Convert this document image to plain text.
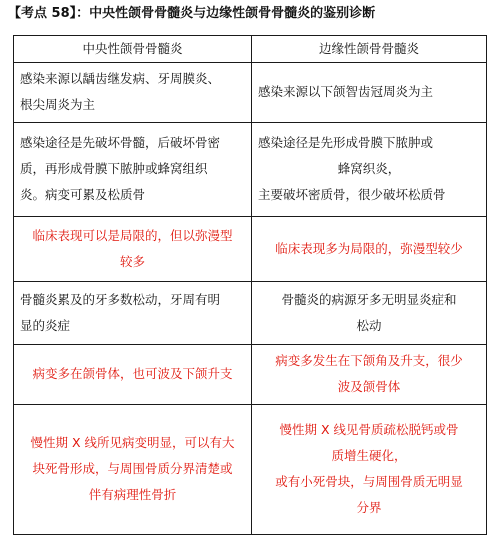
【考点 58】：中央性颌骨骨髓炎与边缘性颌骨骨髓炎的鉴别诊断
中央性颌骨骨髓炎	边缘性颌骨骨髓炎

感染来源以龋齿继发病、牙周膜炎、
根尖周炎为主	感染来源以下颌智齿冠周炎为主

感染途径是先破坏骨髓，后破坏骨密
质，再形成骨膜下脓肿或蜂窝组织
炎。病变可累及松质骨	感染途径是先形成骨膜下脓肿或
蜂窝织炎，
主要破坏密质骨，很少破坏松质骨

临床表现可以是局限的，但以弥漫型
较多	临床表现多为局限的，弥漫型较少

骨髓炎累及的牙多数松动，牙周有明
显的炎症	骨髓炎的病源牙多无明显炎症和
松动

病变多在颌骨体，也可波及下颌升支	病变多发生在下颌角及升支，很少
波及颌骨体

慢性期 X 线所见病变明显，可以有大
块死骨形成，与周围骨质分界清楚或
伴有病理性骨折	慢性期 X 线见骨质疏松脱钙或骨
质增生硬化，
或有小死骨块，与周围骨质无明显
分界
